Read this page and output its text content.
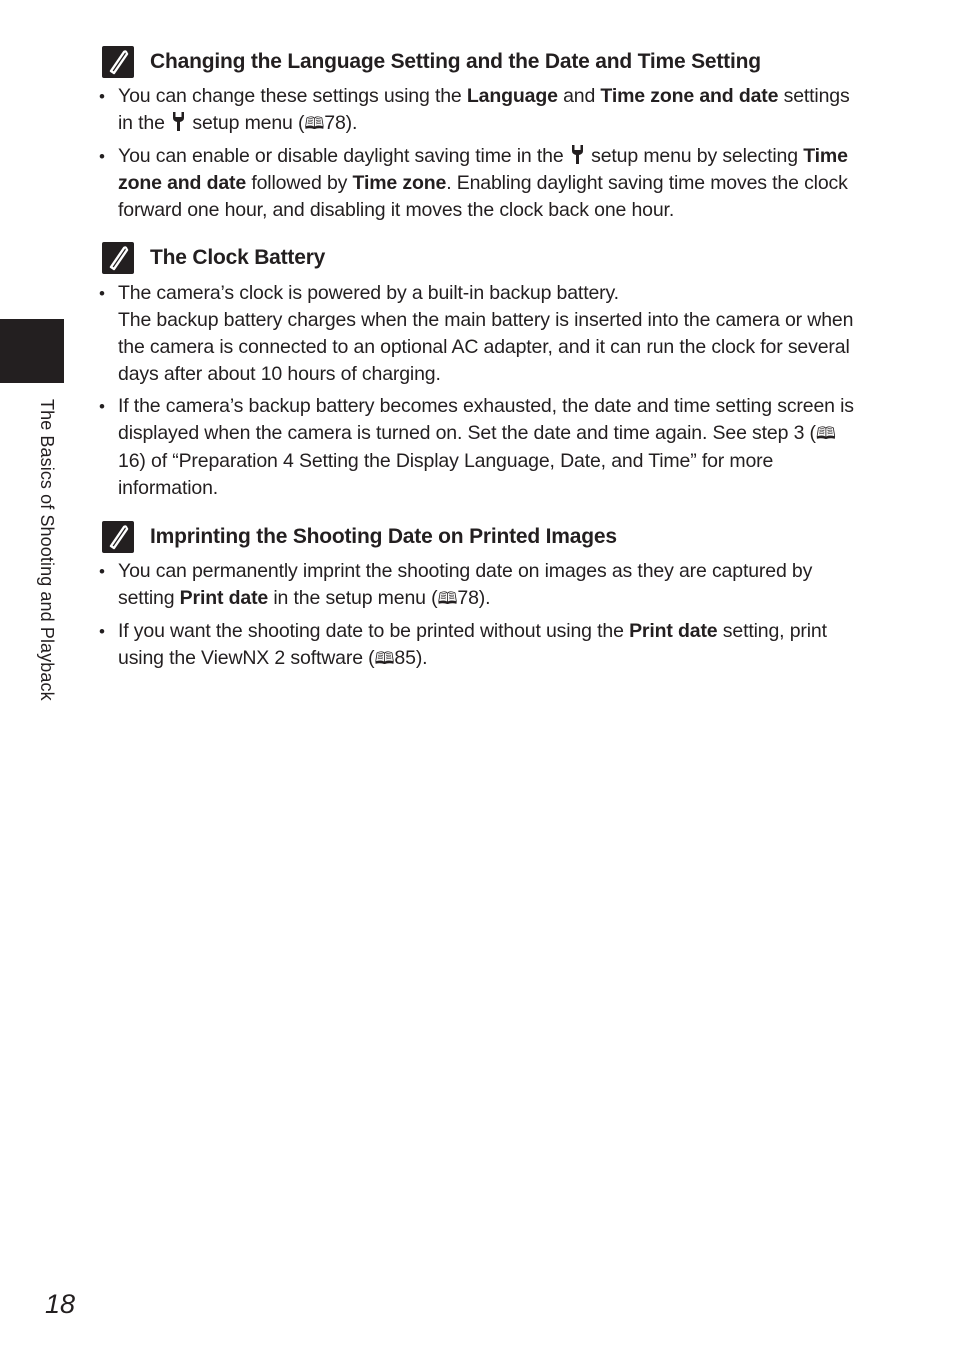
The Basics of Shooting and Playback
Changing the Language Setting and the Date and Time Setting
• You can change these settings using the Language and Time zone and date settings in the  setup menu (🕮78).
• You can enable or disable daylight saving time in the  setup menu by selecting Time zone and date followed by Time zone. Enabling daylight saving time moves the clock forward one hour, and disabling it moves the clock back one hour.
The Clock Battery

• The camera’s clock is powered by a built-in backup battery.

The backup battery charges when the main battery is inserted into the camera or when the camera is connected to an optional AC adapter, and it can run the clock for several days after about 10 hours of charging.

• If the camera’s backup battery becomes exhausted, the date and time setting screen is displayed when the camera is turned on. Set the date and time again. See step 3 (🕮16) of “Preparation 4 Setting the Display Language, Date, and Time” for more information.
Imprinting the Shooting Date on Printed Images
• You can permanently imprint the shooting date on images as they are captured by setting Print date in the setup menu (🕮78).
• If you want the shooting date to be printed without using the Print date setting, print using the ViewNX 2 software (🕮85).
18
